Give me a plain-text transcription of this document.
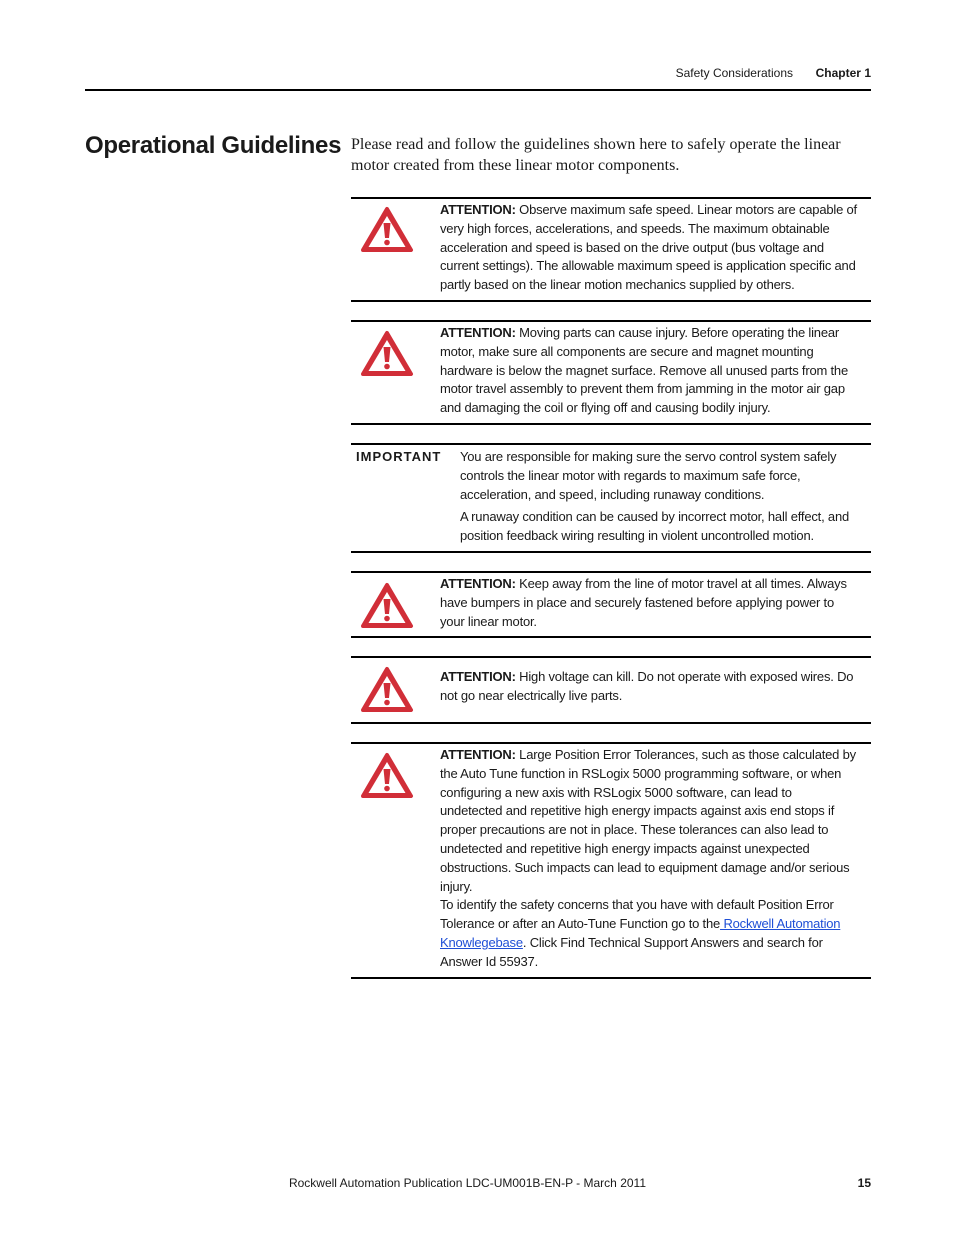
Safety Considerations Chapter 1
Operational Guidelines Please read and follow the guidelines shown here to safely operate the linear motor created from these linear motor components.

ATTENTION: Observe maximum safe speed. Linear motors are capable of very high forces, accelerations, and speeds. The maximum obtainable acceleration and speed is based on the drive output (bus voltage and current settings). The allowable maximum speed is application specific and partly based on the linear motion mechanics supplied by others.

ATTENTION: Moving parts can cause injury. Before operating the linear motor, make sure all components are secure and magnet mounting hardware is below the magnet surface. Remove all unused parts from the motor travel assembly to prevent them from jamming in the motor air gap and damaging the coil or flying off and causing bodily injury.

IMPORTANT You are responsible for making sure the servo control system safely controls the linear motor with regards to maximum safe force, acceleration, and speed, including runaway conditions.

A runaway condition can be caused by incorrect motor, hall effect, and position feedback wiring resulting in violent uncontrolled motion.

ATTENTION: Keep away from the line of motor travel at all times. Always have bumpers in place and securely fastened before applying power to your linear motor.

ATTENTION: High voltage can kill. Do not operate with exposed wires. Do not go near electrically live parts.

ATTENTION: Large Position Error Tolerances, such as those calculated by the Auto Tune function in RSLogix 5000 programming software, or when configuring a new axis with RSLogix 5000 software, can lead to undetected and repetitive high energy impacts against axis end stops if proper precautions are not in place. These tolerances can also lead to undetected and repetitive high energy impacts against unexpected obstructions. Such impacts can lead to equipment damage and/or serious injury.

To identify the safety concerns that you have with default Position Error Tolerance or after an Auto-Tune Function go to the Rockwell Automation Knowlegebase. Click Find Technical Support Answers and search for Answer Id 55937.

Rockwell Automation Publication LDC-UM001B-EN-P - March 2011	15
